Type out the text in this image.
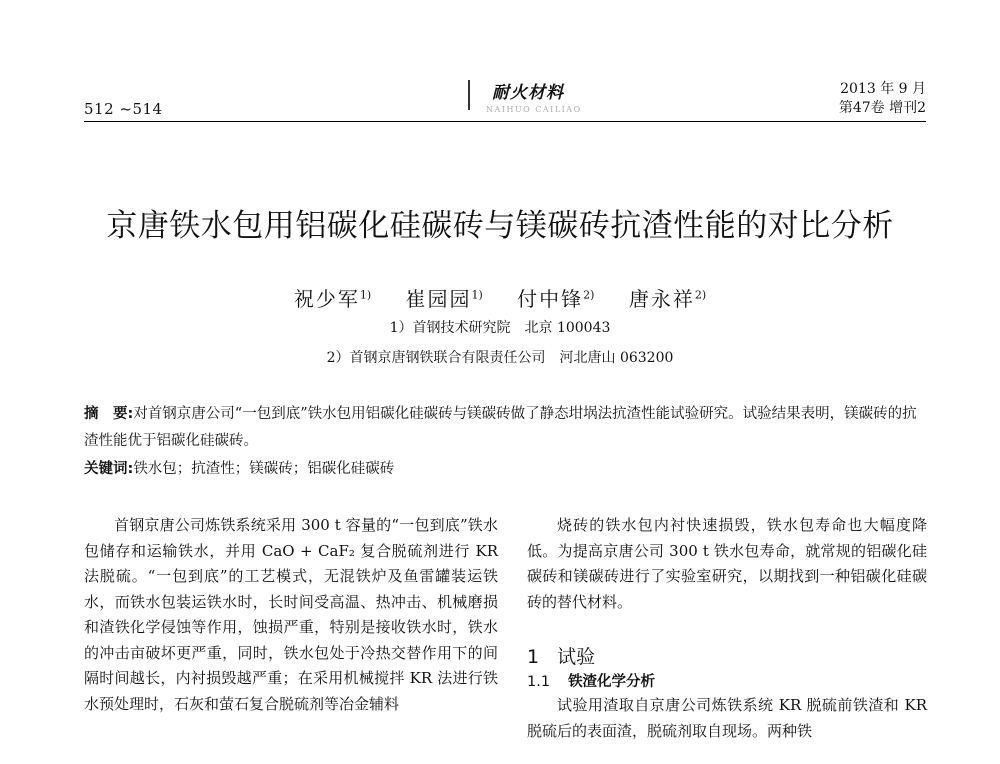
512 ~514
耐火材料
NAIHUO CAILIAO
2013 年 9 月
第47卷 增刊2
京唐铁水包用铝碳化硅碳砖与镁碳砖抗渣性能的对比分析
祝少军$^{1)}$ 崔园园$^{1)}$ 付中锋$^{2)}$ 唐永祥$^{2)}$
1）首钢技术研究院　北京 100043
2）首钢京唐钢铁联合有限责任公司　河北唐山 063200
摘　要:对首钢京唐公司“一包到底”铁水包用铝碳化硅碳砖与镁碳砖做了静态坩埚法抗渣性能试验研究。试验结果表明，镁碳砖的抗渣性能优于铝碳化硅碳砖。
关键词:铁水包；抗渣性；镁碳砖；铝碳化硅碳砖

首钢京唐公司炼铁系统采用 300 t 容量的“一包到底”铁水包储存和运输铁水，并用 CaO + CaF₂ 复合脱硫剂进行 KR 法脱硫。“一包到底”的工艺模式，无混铁炉及鱼雷罐装运铁水，而铁水包装运铁水时，长时间受高温、热冲击、机械磨损和渣铁化学侵蚀等作用，蚀损严重，特别是接收铁水时，铁水的冲击亩破坏更严重，同时，铁水包处于冷热交替作用下的间隔时间越长，内衬损毁越严重；在采用机械搅拌 KR 法进行铁水预处理时，石灰和萤石复合脱硫剂等冶金辅料

烧砖的铁水包内衬快速损毁，铁水包寿命也大幅度降低。为提高京唐公司 300 t 铁水包寿命，就常规的铝碳化硅碳砖和镁碳砖进行了实验室研究，以期找到一种铝碳化硅碳砖的替代材料。

1 试验
1.1 铁渣化学分析

试验用渣取自京唐公司炼铁系统 KR 脱硫前铁渣和 KR 脱硫后的表面渣，脱硫剂取自现场。两种铁
